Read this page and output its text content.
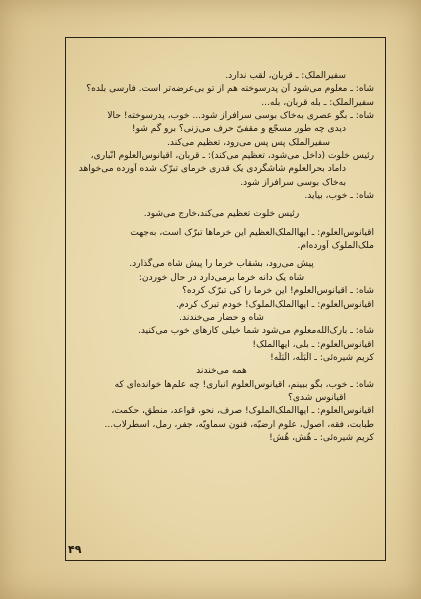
سفیرالملک: ـ قربان، لقب ندارد.
شاه: ـ معلوم می‌شود آن پدرسوخته هم از تو بی‌عرضه‌تر است. فارسی بلده؟
سفیرالملک: ـ بله قربان، بله...
شاه: ـ بگو عصری به‌خاک بوسی سرافراز شود... خوب، پدرسوخته! حالا
دیدی چه طور مسجّع و مقفیّ حرف می‌زنی؟ برو گم شو!
سفیرالملک پس پس می‌رود، تعظیم می‌کند.
رئیس خلوت (داخل می‌شود، تعظیم می‌کند): ـ قربان، اقیانوس‌العلوم انّباری،
داماد بحرالعلوم شاشگردی یک قدری خرمای تبرّک شده آورده می‌خواهد
به‌خاک بوسی سرافراز شود.
شاه: ـ خوب، بیاید.
رئیس خلوت تعظیم می‌کند،خارج می‌شود.
اقیانوس‌العلوم: ـ ایها‌الملک‌العظیم این خرماها تبرّک است، به‌جهت
ملک‌الملوک آورده‌ام.
پیش می‌رود، بشقاب خرما را پیش شاه می‌گذارد.
شاه یک دانه خرما برمی‌دارد در حال خوردن:
شاه: ـ اقیانوس‌العلوم! این خرما را کی تبرّک کرده؟
اقیانوس‌العلوم: ـ ایها‌الملک‌الملوک! خودم تبرک کردم.
شاه و حضار می‌خندند.
شاه: ـ بارک‌الله‌معلوم می‌شود شما خیلی کارهای خوب می‌کنید.
اقیانوس‌العلوم: ـ بلی، ایها‌الملک!
کریم شیره‌ئی: ـ الْبَلَه، الْبَلَه!
همه می‌خندند
شاه: ـ خوب، بگو ببینم، اقیانوس‌العلوم انباری! چه علم‌ها خوانده‌ای که
اقیانوس شدی؟
اقیانوس‌العلوم: ـ ایها‌الملک‌الملوک! صرف، نحو، قواعد، منطق، حکمت،
طبابت، فقه، اصول، علوم ارضیّه، فنون سماویّه، جفر، رمل، اسطرلاب...
کریم شیره‌ئی: ـ هُش، هُش!
۴۹
